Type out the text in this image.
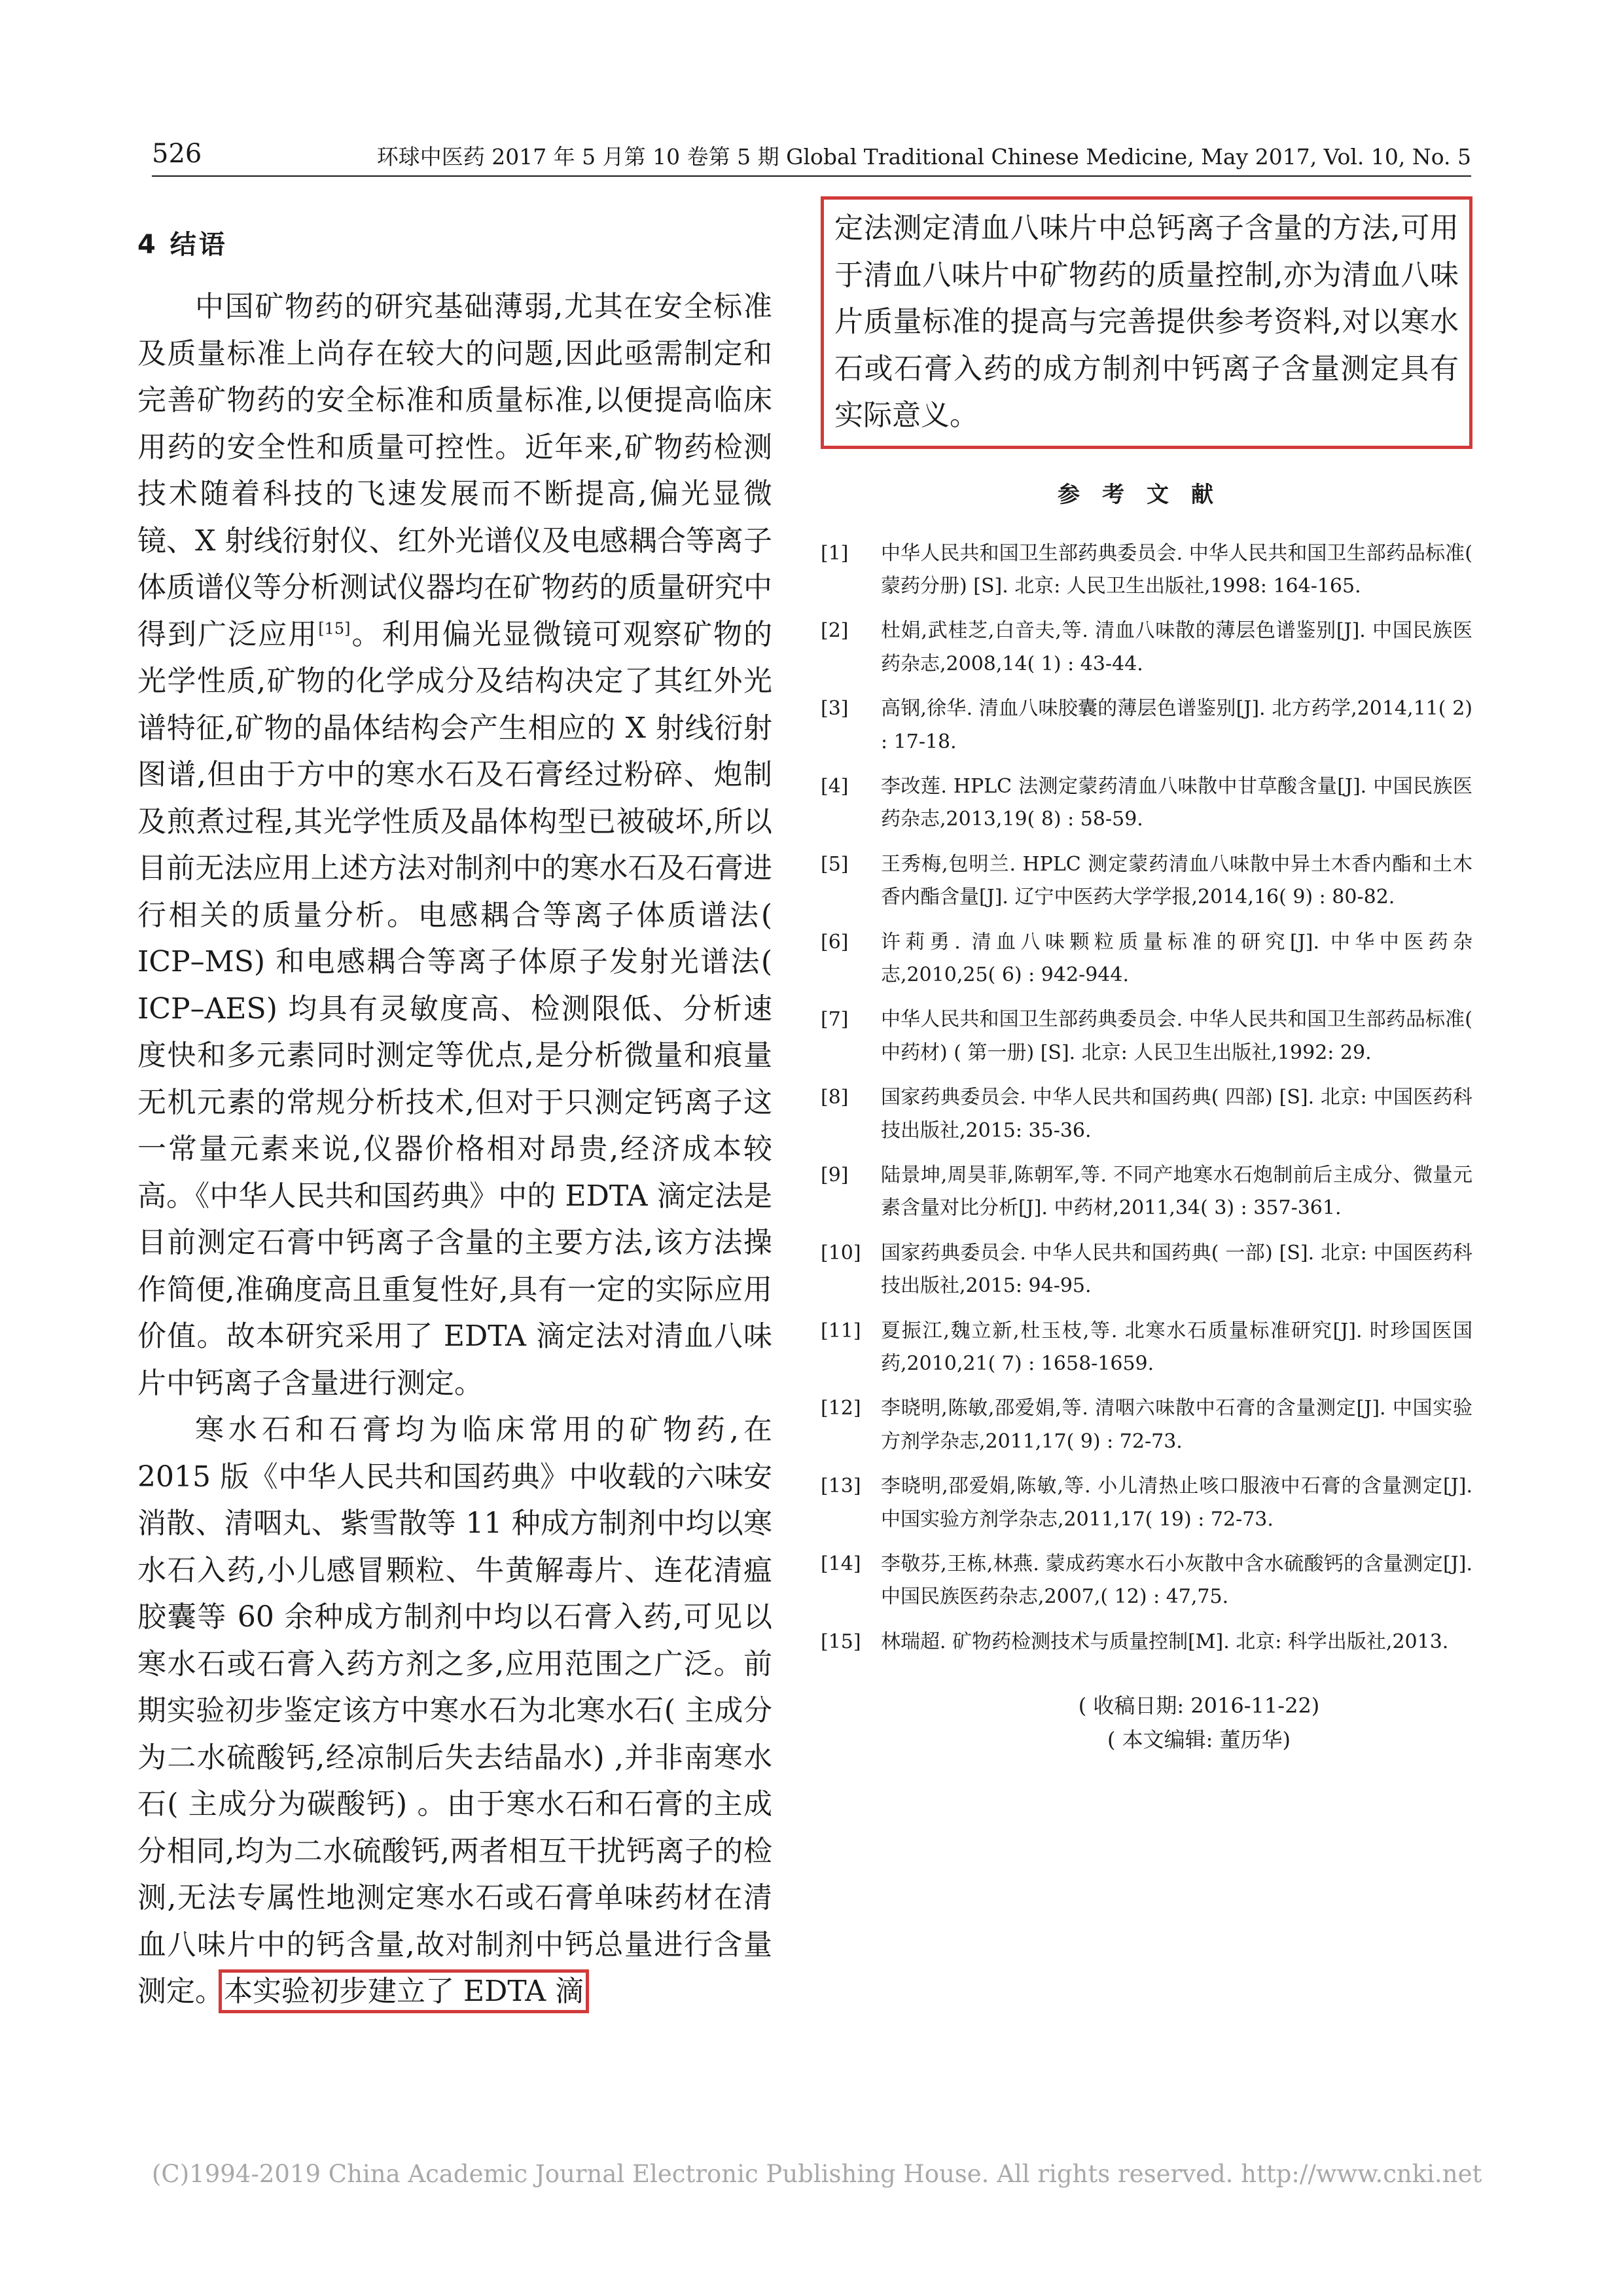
526	环球中医药 2017 年 5 月第 10 卷第 5 期 Global Traditional Chinese Medicine, May 2017, Vol. 10, No. 5
4 结语

中国矿物药的研究基础薄弱,尤其在安全标准及质量标准上尚存在较大的问题,因此亟需制定和完善矿物药的安全标准和质量标准,以便提高临床用药的安全性和质量可控性。近年来,矿物药检测技术随着科技的飞速发展而不断提高,偏光显微镜、X 射线衍射仪、红外光谱仪及电感耦合等离子体质谱仪等分析测试仪器均在矿物药的质量研究中得到广泛应用[15]。利用偏光显微镜可观察矿物的光学性质,矿物的化学成分及结构决定了其红外光谱特征,矿物的晶体结构会产生相应的 X 射线衍射图谱,但由于方中的寒水石及石膏经过粉碎、炮制及煎煮过程,其光学性质及晶体构型已被破坏,所以目前无法应用上述方法对制剂中的寒水石及石膏进行相关的质量分析。电感耦合等离子体质谱法( ICP–MS) 和电感耦合等离子体原子发射光谱法( ICP–AES) 均具有灵敏度高、检测限低、分析速度快和多元素同时测定等优点,是分析微量和痕量无机元素的常规分析技术,但对于只测定钙离子这一常量元素来说,仪器价格相对昂贵,经济成本较高。《中华人民共和国药典》中的 EDTA 滴定法是目前测定石膏中钙离子含量的主要方法,该方法操作简便,准确度高且重复性好,具有一定的实际应用价值。故本研究采用了 EDTA 滴定法对清血八味片中钙离子含量进行测定。

寒水石和石膏均为临床常用的矿物药,在 2015 版《中华人民共和国药典》中收载的六味安消散、清咽丸、紫雪散等 11 种成方制剂中均以寒水石入药,小儿感冒颗粒、牛黄解毒片、连花清瘟胶囊等 60 余种成方制剂中均以石膏入药,可见以寒水石或石膏入药方剂之多,应用范围之广泛。前期实验初步鉴定该方中寒水石为北寒水石( 主成分为二水硫酸钙,经凉制后失去结晶水) ,并非南寒水石( 主成分为碳酸钙) 。由于寒水石和石膏的主成分相同,均为二水硫酸钙,两者相互干扰钙离子的检测,无法专属性地测定寒水石或石膏单味药材在清血八味片中的钙含量,故对制剂中钙总量进行含量测定。本实验初步建立了 EDTA 滴

定法测定清血八味片中总钙离子含量的方法,可用于清血八味片中矿物药的质量控制,亦为清血八味片质量标准的提高与完善提供参考资料,对以寒水石或石膏入药的成方制剂中钙离子含量测定具有实际意义。

参考文献
[1]	中华人民共和国卫生部药典委员会. 中华人民共和国卫生部药品标准( 蒙药分册) [S]. 北京: 人民卫生出版社,1998: 164-165.
[2]	杜娟,武桂芝,白音夫,等. 清血八味散的薄层色谱鉴别[J]. 中国民族医药杂志,2008,14( 1) : 43-44.
[3]	高钢,徐华. 清血八味胶囊的薄层色谱鉴别[J]. 北方药学,2014,11( 2) : 17-18.
[4]	李改莲. HPLC 法测定蒙药清血八味散中甘草酸含量[J]. 中国民族医药杂志,2013,19( 8) : 58-59.
[5]	王秀梅,包明兰. HPLC 测定蒙药清血八味散中异土木香内酯和土木香内酯含量[J]. 辽宁中医药大学学报,2014,16( 9) : 80-82.
[6]	许莉勇. 清血八味颗粒质量标准的研究[J]. 中华中医药杂志,2010,25( 6) : 942-944.
[7]	中华人民共和国卫生部药典委员会. 中华人民共和国卫生部药品标准( 中药材) ( 第一册) [S]. 北京: 人民卫生出版社,1992: 29.
[8]	国家药典委员会. 中华人民共和国药典( 四部) [S]. 北京: 中国医药科技出版社,2015: 35-36.
[9]	陆景坤,周昊菲,陈朝军,等. 不同产地寒水石炮制前后主成分、微量元素含量对比分析[J]. 中药材,2011,34( 3) : 357-361.
[10]	国家药典委员会. 中华人民共和国药典( 一部) [S]. 北京: 中国医药科技出版社,2015: 94-95.
[11]	夏振江,魏立新,杜玉枝,等. 北寒水石质量标准研究[J]. 时珍国医国药,2010,21( 7) : 1658-1659.
[12]	李晓明,陈敏,邵爱娟,等. 清咽六味散中石膏的含量测定[J]. 中国实验方剂学杂志,2011,17( 9) : 72-73.
[13]	李晓明,邵爱娟,陈敏,等. 小儿清热止咳口服液中石膏的含量测定[J]. 中国实验方剂学杂志,2011,17( 19) : 72-73.
[14]	李敬芬,王栋,林燕. 蒙成药寒水石小灰散中含水硫酸钙的含量测定[J]. 中国民族医药杂志,2007,( 12) : 47,75.
[15]	林瑞超. 矿物药检测技术与质量控制[M]. 北京: 科学出版社,2013.
( 收稿日期: 2016-11-22)
( 本文编辑: 董历华)
(C)1994-2019 China Academic Journal Electronic Publishing House. All rights reserved. http://www.cnki.net
